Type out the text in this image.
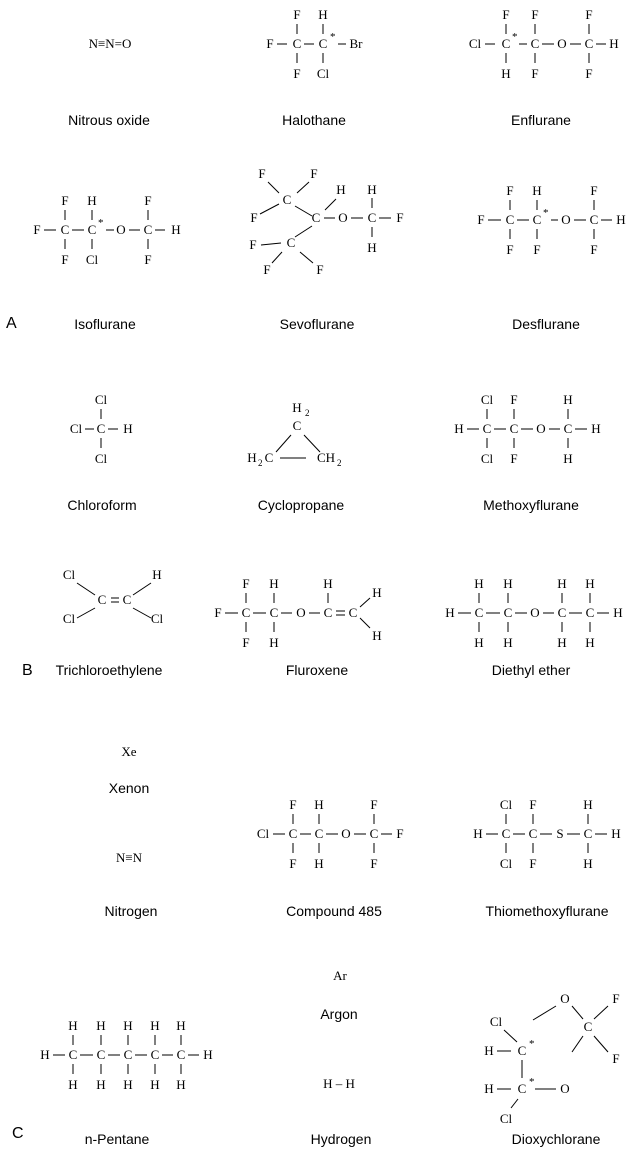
N≡N=O
F H
F C C * Br
F Cl
F F	F
Cl C * C O C H
H F	F
F H	F
F C C * O C H
F Cl	F
F	F
C
F
H
C O C F
H
H
C
F
F	F
F H	F
F C C * O C H
F F	F
Cl
Cl C H
Cl
H 2
C
H 2 C	CH 2
Cl F	H
H C C O C H
Cl F	H
Cl	H
C C
Cl	Cl
F H	H
F C C O C C
H
H
F H
H H	H H
H C C O C C H
H H	H H
Xe
N≡N
F H	F
Cl C C O C F
F H	F
Cl F	H
H C C S C H
Cl F	H
Ar
H H H H H
H C C C C C H
H H H H H	H – H
Cl
O	F
H C *
C
H C * O
F
Cl
A
B
C
Nitrous oxide	Halothane	Enflurane
Isoflurane	Sevoflurane	Desflurane
Chloroform	Cyclopropane	Methoxyflurane
Trichloroethylene	Fluroxene	Diethyl ether
Xenon
Nitrogen	Compound 485	Thiomethoxyflurane
Argon
n-Pentane	Hydrogen	Dioxychlorane
